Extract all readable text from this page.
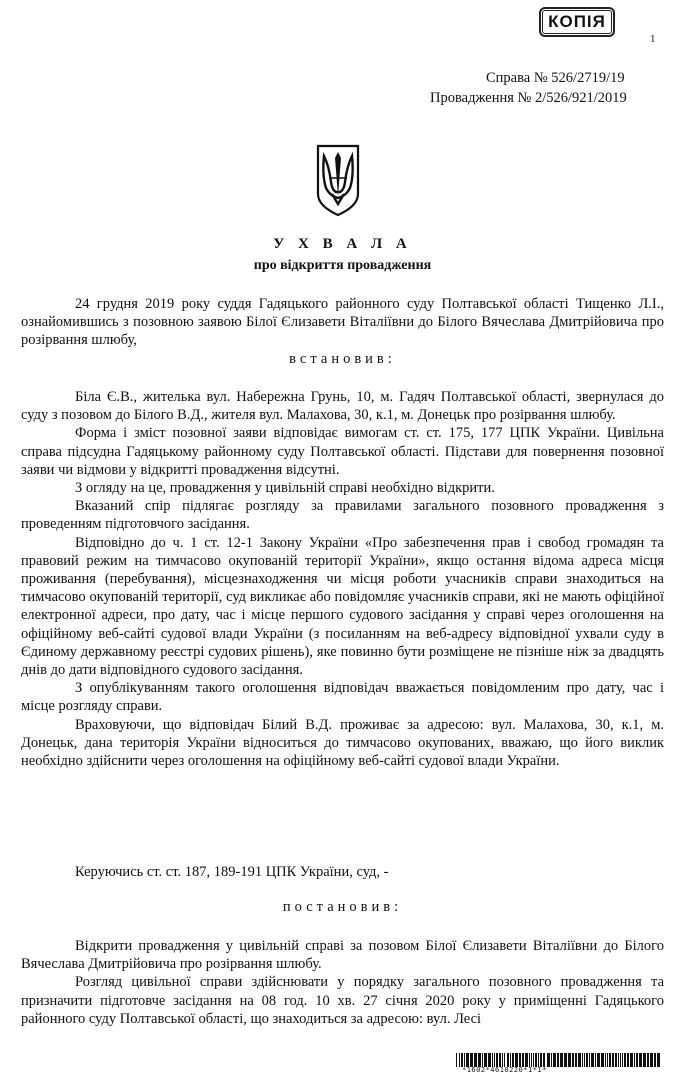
КОПІЯ
1
Справа № 526/2719/19
Провадження № 2/526/921/2019
У Х В А Л А
про відкриття провадження

24 грудня 2019 року суддя Гадяцького районного суду Полтавської області Тищенко Л.І., ознайомившись з позовною заявою Білої Єлизавети Віталіївни до Білого Вячеслава Дмитрійовича про розірвання шлюбу,

встановив:

Біла Є.В., жителька вул. Набережна Грунь, 10, м. Гадяч Полтавської області, звернулася до суду з позовом до Білого В.Д., жителя вул. Малахова, 30, к.1, м. Донецьк про розірвання шлюбу.

Форма і зміст позовної заяви відповідає вимогам ст. ст. 175, 177 ЦПК України. Цивільна справа підсудна Гадяцькому районному суду Полтавської області. Підстави для повернення позовної заяви чи відмови у відкритті провадження відсутні.

З огляду на це, провадження у цивільній справі необхідно відкрити.

Вказаний спір підлягає розгляду за правилами загального позовного провадження з проведенням підготовчого засідання.

Відповідно до ч. 1 ст. 12-1 Закону України «Про забезпечення прав і свобод громадян та правовий режим на тимчасово окупованій території України», якщо остання відома адреса місця проживання (перебування), місцезнаходження чи місця роботи учасників справи знаходиться на тимчасово окупованій території, суд викликає або повідомляє учасників справи, які не мають офіційної електронної адреси, про дату, час і місце першого судового засідання у справі через оголошення на офіційному веб-сайті судової влади України (з посиланням на веб-адресу відповідної ухвали суду в Єдиному державному реєстрі судових рішень), яке повинно бути розміщене не пізніше ніж за двадцять днів до дати відповідного судового засідання.

З опублікуванням такого оголошення відповідач вважається повідомленим про дату, час і місце розгляду справи.

Враховуючи, що відповідач Білий В.Д. проживає за адресою: вул. Малахова, 30, к.1, м. Донецьк, дана територія України відноситься до тимчасово окупованих, вважаю, що його виклик необхідно здійснити через оголошення на офіційному веб-сайті судової влади України.

Керуючись ст. ст. 187, 189-191 ЦПК України, суд, -

постановив:

Відкрити провадження у цивільній справі за позовом Білої Єлизавети Віталіївни до Білого Вячеслава Дмитрійовича про розірвання шлюбу.

Розгляд цивільної справи здійснювати у порядку загального позовного провадження та призначити підготовче засідання на 08 год. 10 хв. 27 січня 2020 року у приміщенні Гадяцького районного суду Полтавської області, що знаходиться за адресою: вул. Лесі

*1602*4610220*1*1*
